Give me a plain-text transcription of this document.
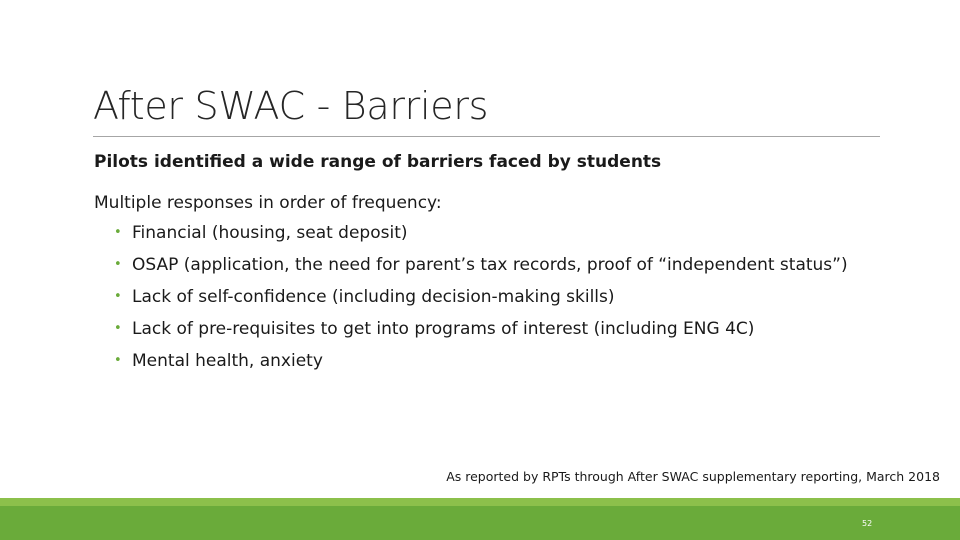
After SWAC - Barriers

Pilots identified a wide range of barriers faced by students

Multiple responses in order of frequency:

• Financial (housing, seat deposit)
• OSAP (application, the need for parent’s tax records, proof of “independent status”)
• Lack of self-confidence (including decision-making skills)
• Lack of pre-requisites to get into programs of interest (including ENG 4C)
• Mental health, anxiety

As reported by RPTs through After SWAC supplementary reporting, March 2018

52
